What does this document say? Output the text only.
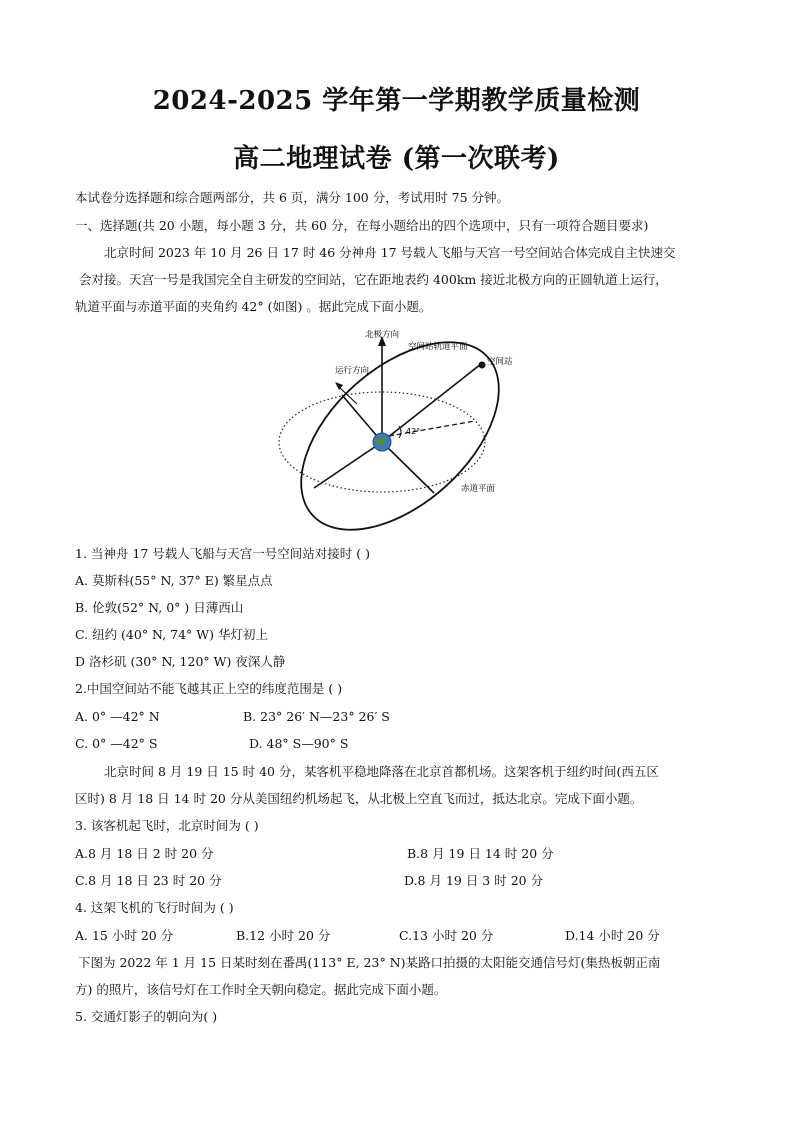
2024-2025 学年第一学期教学质量检测
高二地理试卷 (第一次联考)
本试卷分选择题和综合题两部分，共 6 页，满分 100 分，考试用时 75 分钟。
一、选择题(共 20 小题，每小题 3 分，共 60 分，在每小题给出的四个选项中，只有一项符合题目要求)
北京时间 2023 年 10 月 26 日 17 时 46 分神舟 17 号载人飞船与天宫一号空间站合体完成自主快速交
会对接。天宫一号是我国完全自主研发的空间站，它在距地表约 400km 接近北极方向的正圆轨道上运行，
轨道平面与赤道平面的夹角约 42° (如图) 。据此完成下面小题。
北极方向
空间站轨道平面
空间站
运行方向
42°
赤道平面
1. 当神舟 17 号载人飞船与天宫一号空间站对接时 ( )
A. 莫斯科(55° N, 37° E) 繁星点点
B. 伦敦(52° N, 0° ) 日薄西山
C. 纽约 (40° N, 74° W) 华灯初上
D 洛杉矶 (30° N, 120° W) 夜深人静
2.中国空间站不能飞越其正上空的纬度范围是 ( )
A. 0° —42° N	B. 23° 26′ N—23° 26′ S
C. 0° —42° S	D. 48° S—90° S
北京时间 8 月 19 日 15 时 40 分，某客机平稳地降落在北京首都机场。这架客机于纽约时间(西五区
区时) 8 月 18 日 14 时 20 分从美国纽约机场起飞，从北极上空直飞而过，抵达北京。完成下面小题。
3. 该客机起飞时，北京时间为 ( )
A.8 月 18 日 2 时 20 分	B.8 月 19 日 14 时 20 分
C.8 月 18 日 23 时 20 分	D.8 月 19 日 3 时 20 分
4. 这架飞机的飞行时间为 ( )
A. 15 小时 20 分	B.12 小时 20 分	C.13 小时 20 分	D.14 小时 20 分
下图为 2022 年 1 月 15 日某时刻在番禺(113° E, 23° N)某路口拍摄的太阳能交通信号灯(集热板朝正南
方) 的照片，该信号灯在工作时全天朝向稳定。据此完成下面小题。
5. 交通灯影子的朝向为( )
